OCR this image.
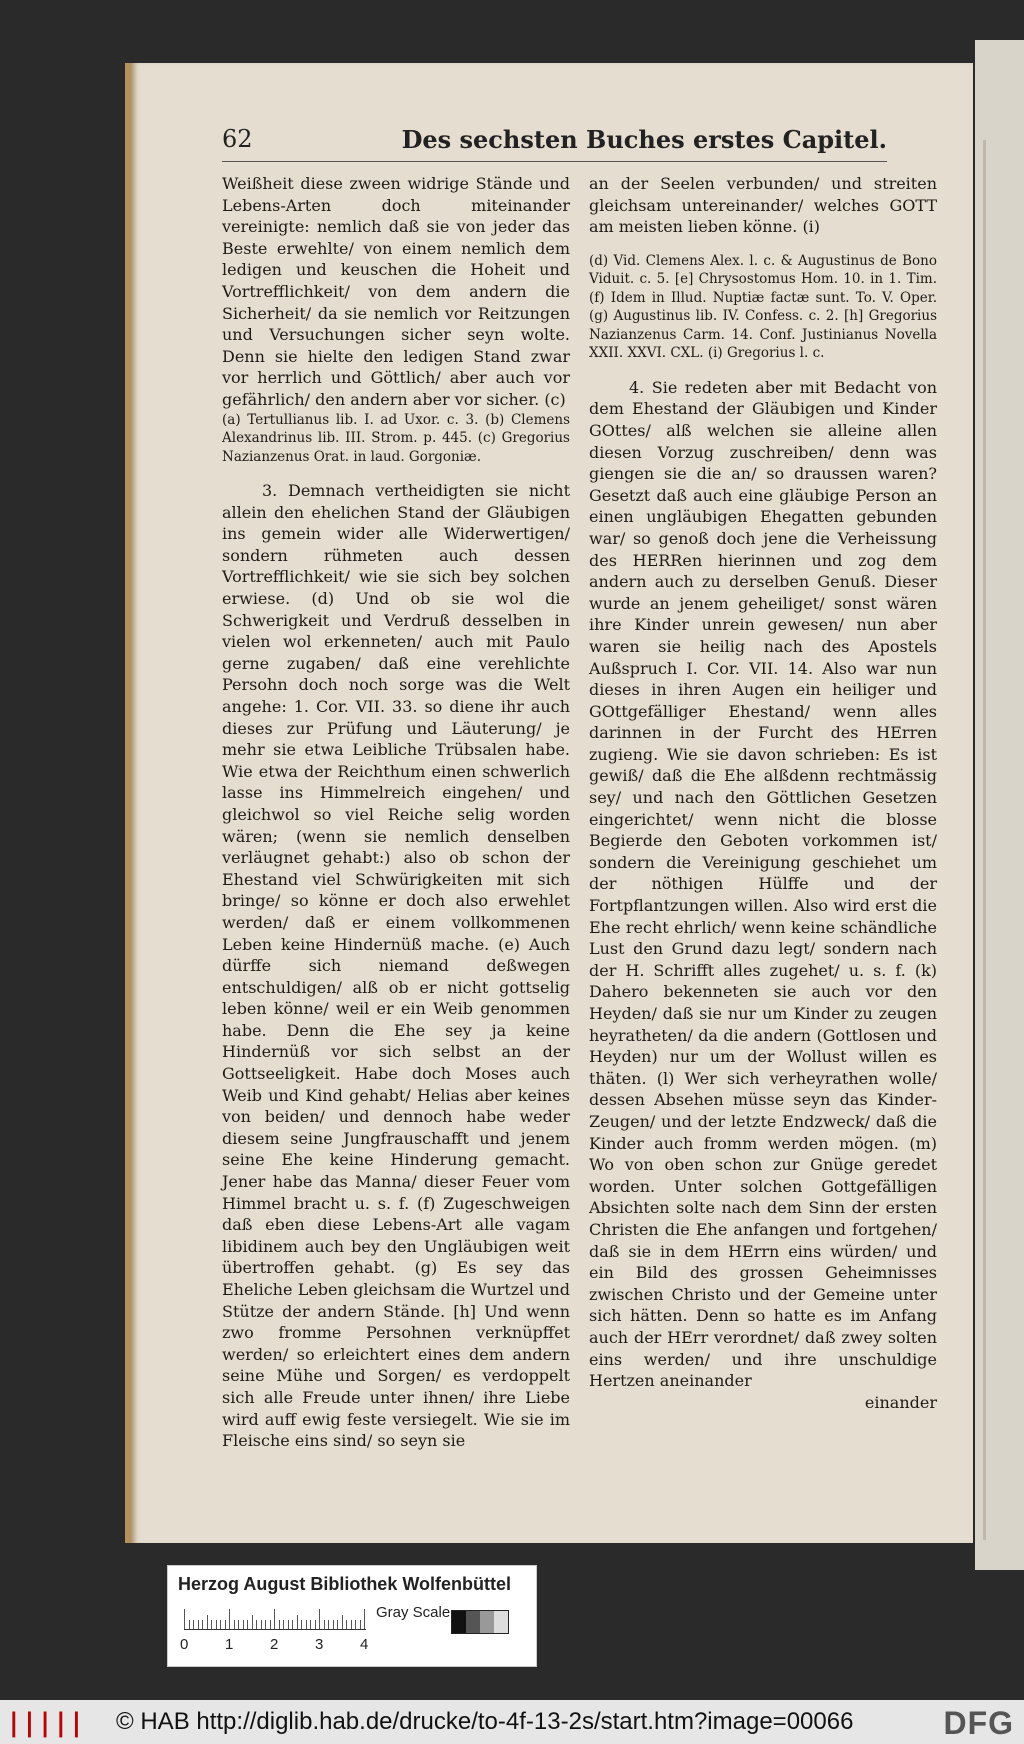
62	Des sechsten Buches erstes Capitel.

Weißheit diese zween widrige Stände und Lebens-Arten doch miteinander vereinigte: nemlich daß sie von jeder das Beste erwehlte/ von einem nemlich dem ledigen und keuschen die Hoheit und Vortrefflichkeit/ von dem andern die Sicherheit/ da sie nemlich vor Reitzungen und Versuchungen sicher seyn wolte. Denn sie hielte den ledigen Stand zwar vor herrlich und Göttlich/ aber auch vor gefährlich/ den andern aber vor sicher. (c)

(a) Tertullianus lib. I. ad Uxor. c. 3. (b) Clemens Alexandrinus lib. III. Strom. p. 445. (c) Gregorius Nazianzenus Orat. in laud. Gorgoniæ.

3. Demnach vertheidigten sie nicht allein den ehelichen Stand der Gläubigen ins gemein wider alle Widerwertigen/ sondern rühmeten auch dessen Vortrefflichkeit/ wie sie sich bey solchen erwiese. (d) Und ob sie wol die Schwerigkeit und Verdruß desselben in vielen wol erkenneten/ auch mit Paulo gerne zugaben/ daß eine verehlichte Persohn doch noch sorge was die Welt angehe: 1. Cor. VII. 33. so diene ihr auch dieses zur Prüfung und Läuterung/ je mehr sie etwa Leibliche Trübsalen habe. Wie etwa der Reichthum einen schwerlich lasse ins Himmelreich eingehen/ und gleichwol so viel Reiche selig worden wären; (wenn sie nemlich denselben verläugnet gehabt:) also ob schon der Ehestand viel Schwürigkeiten mit sich bringe/ so könne er doch also erwehlet werden/ daß er einem vollkommenen Leben keine Hindernüß mache. (e) Auch dürffe sich niemand deßwegen entschuldigen/ alß ob er nicht gottselig leben könne/ weil er ein Weib genommen habe. Denn die Ehe sey ja keine Hindernüß vor sich selbst an der Gottseeligkeit. Habe doch Moses auch Weib und Kind gehabt/ Helias aber keines von beiden/ und dennoch habe weder diesem seine Jungfrauschafft und jenem seine Ehe keine Hinderung gemacht. Jener habe das Manna/ dieser Feuer vom Himmel bracht u. s. f. (f) Zugeschweigen daß eben diese Lebens-Art alle vagam libidinem auch bey den Ungläubigen weit übertroffen gehabt. (g) Es sey das Eheliche Leben gleichsam die Wurtzel und Stütze der andern Stände. [h] Und wenn zwo fromme Persohnen verknüpffet werden/ so erleichtert eines dem andern seine Mühe und Sorgen/ es verdoppelt sich alle Freude unter ihnen/ ihre Liebe wird auff ewig feste versiegelt. Wie sie im Fleische eins sind/ so seyn sie

an der Seelen verbunden/ und streiten gleichsam untereinander/ welches GOTT am meisten lieben könne. (i)

(d) Vid. Clemens Alex. l. c. & Augustinus de Bono Viduit. c. 5. [e] Chrysostomus Hom. 10. in 1. Tim. (f) Idem in Illud. Nuptiæ factæ sunt. To. V. Oper. (g) Augustinus lib. IV. Confess. c. 2. [h] Gregorius Nazianzenus Carm. 14. Conf. Justinianus Novella XXII. XXVI. CXL. (i) Gregorius l. c.

4. Sie redeten aber mit Bedacht von dem Ehestand der Gläubigen und Kinder GOttes/ alß welchen sie alleine allen diesen Vorzug zuschreiben/ denn was giengen sie die an/ so draussen waren? Gesetzt daß auch eine gläubige Person an einen ungläubigen Ehegatten gebunden war/ so genoß doch jene die Verheissung des HERRen hierinnen und zog dem andern auch zu derselben Genuß. Dieser wurde an jenem geheiliget/ sonst wären ihre Kinder unrein gewesen/ nun aber waren sie heilig nach des Apostels Außspruch I. Cor. VII. 14. Also war nun dieses in ihren Augen ein heiliger und GOttgefälliger Ehestand/ wenn alles darinnen in der Furcht des HErren zugieng. Wie sie davon schrieben: Es ist gewiß/ daß die Ehe alßdenn rechtmässig sey/ und nach den Göttlichen Gesetzen eingerichtet/ wenn nicht die blosse Begierde den Geboten vorkommen ist/ sondern die Vereinigung geschiehet um der nöthigen Hülffe und der Fortpflantzungen willen. Also wird erst die Ehe recht ehrlich/ wenn keine schändliche Lust den Grund dazu legt/ sondern nach der H. Schrifft alles zugehet/ u. s. f. (k) Dahero bekenneten sie auch vor den Heyden/ daß sie nur um Kinder zu zeugen heyratheten/ da die andern (Gottlosen und Heyden) nur um der Wollust willen es thäten. (l) Wer sich verheyrathen wolle/ dessen Absehen müsse seyn das Kinder-Zeugen/ und der letzte Endzweck/ daß die Kinder auch fromm werden mögen. (m) Wo von oben schon zur Gnüge geredet worden. Unter solchen Gottgefälligen Absichten solte nach dem Sinn der ersten Christen die Ehe anfangen und fortgehen/ daß sie in dem HErrn eins würden/ und ein Bild des grossen Geheimnisses zwischen Christo und der Gemeine unter sich hätten. Denn so hatte es im Anfang auch der HErr verordnet/ daß zwey solten eins werden/ und ihre unschuldige Hertzen aneinander

einander

Herzog August Bibliothek Wolfenbüttel
0 1 2 3 4
Gray Scale
||||| © HAB http://diglib.hab.de/drucke/to-4f-13-2s/start.htm?image=00066	DFG
